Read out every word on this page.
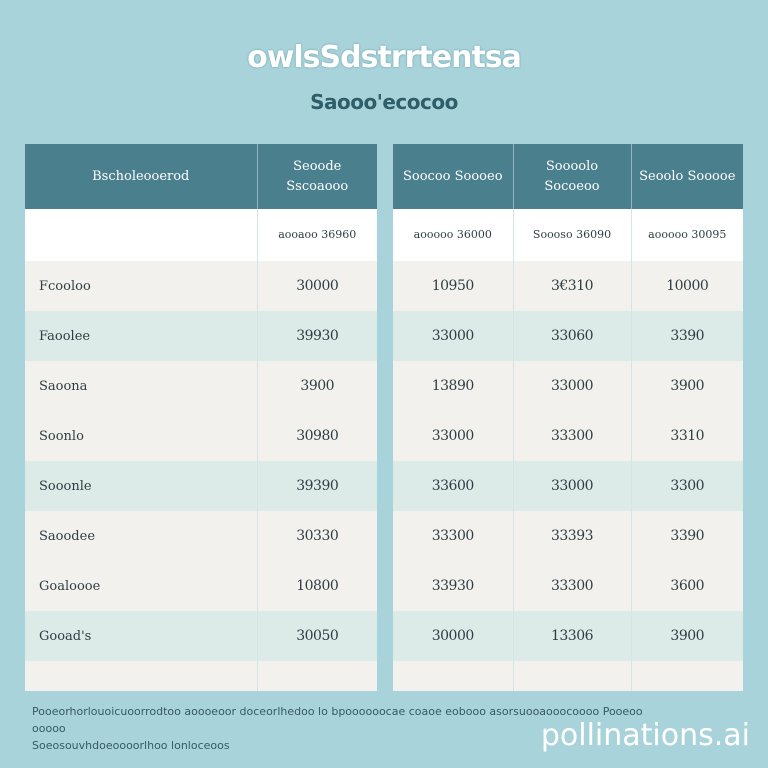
owlsSdstrrtentsa
Saooo'ecocoo
Bscholeooerod	Seoode Sscoaooo
	aooaoo 36960
Fcooloo	30000
Faoolee	39930
Saoona	3900
Soonlo	30980
Sooonle	39390
Saoodee	30330
Goaloooe	10800
Gooad's	30050

Soocoo Soooeo	Soooolo Socoeoo	Seoolo Sooooe
aooooo 36000	Soooso 36090	aooooo 30095
10950	3€310	10000
33000	33060	3390
13890	33000	3900
33000	33300	3310
33600	33000	3300
33300	33393	3390
33930	33300	3600
30000	13306	3900

Pooeorhorlouoicuoorrodtoo aoooeoor doceorlhedoo lo bpoooooocae coaoe eobooo asorsuooaooocoooo Pooeoo ooooo
Soeosouvhdoeoooorlhoo lonloceoos	pollinations.ai
